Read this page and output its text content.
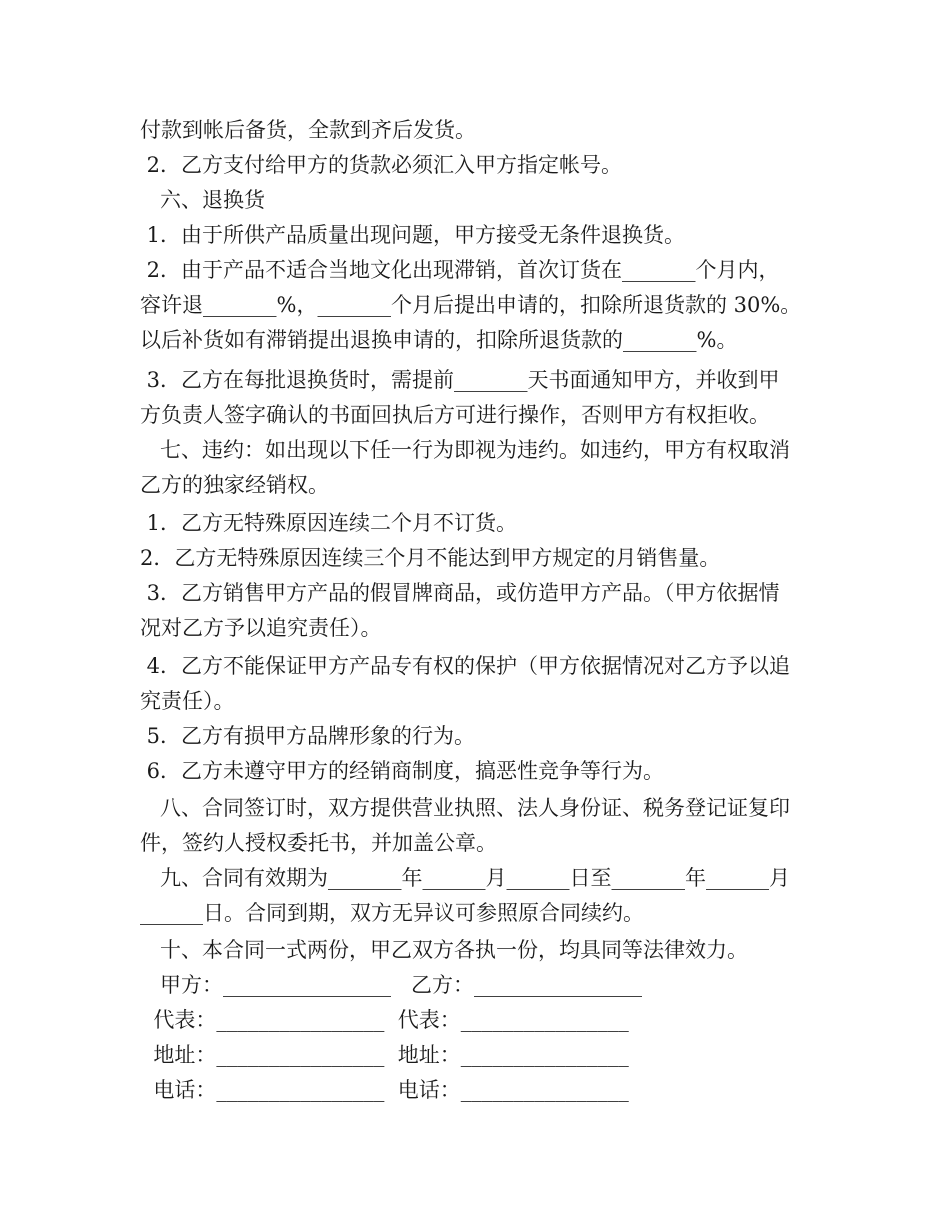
付款到帐后备货，全款到齐后发货。
2．乙方支付给甲方的货款必须汇入甲方指定帐号。
六、退换货
1．由于所供产品质量出现问题，甲方接受无条件退换货。
2．由于产品不适合当地文化出现滞销，首次订货在_______个月内，
容许退_______%，_______个月后提出申请的，扣除所退货款的 30%。
以后补货如有滞销提出退换申请的，扣除所退货款的_______%。
3．乙方在每批退换货时，需提前_______天书面通知甲方，并收到甲
方负责人签字确认的书面回执后方可进行操作，否则甲方有权拒收。
七、违约：如出现以下任一行为即视为违约。如违约，甲方有权取消
乙方的独家经销权。
1．乙方无特殊原因连续二个月不订货。
2．乙方无特殊原因连续三个月不能达到甲方规定的月销售量。
3．乙方销售甲方产品的假冒牌商品，或仿造甲方产品。（甲方依据情
况对乙方予以追究责任）。
4．乙方不能保证甲方产品专有权的保护（甲方依据情况对乙方予以追
究责任）。
5．乙方有损甲方品牌形象的行为。
6．乙方未遵守甲方的经销商制度，搞恶性竞争等行为。
八、合同签订时，双方提供营业执照、法人身份证、税务登记证复印
件，签约人授权委托书，并加盖公章。
九、合同有效期为_______年______月______日至_______年______月
______日。合同到期，双方无异议可参照原合同续约。
十、本合同一式两份，甲乙双方各执一份，均具同等法律效力。
甲方：________________   乙方：________________
代表：________________  代表：________________
地址：________________  地址：________________
电话：________________  电话：________________
